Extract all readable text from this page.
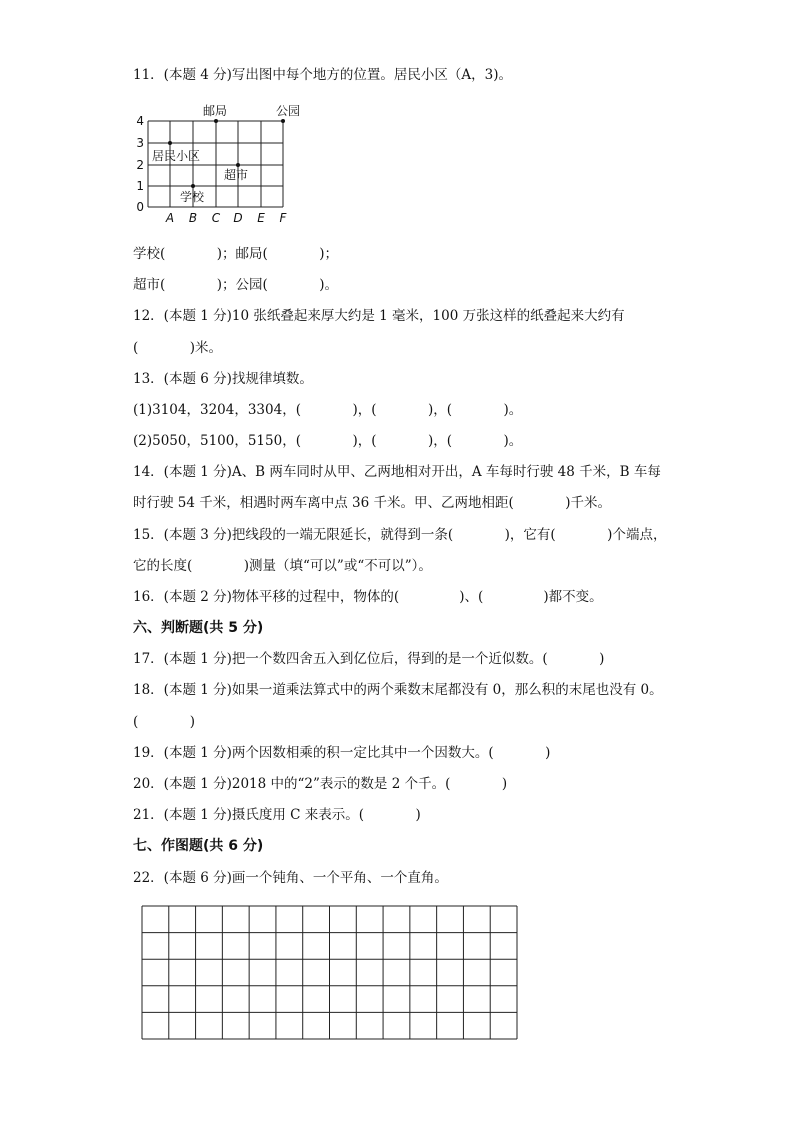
11．(本题 4 分)写出图中每个地方的位置。居民小区（A，3)。
4
3
2
1
0
A B C D E F
邮局	公园
居民小区
超市
学校
学校(            )；邮局(            )；
超市(            )；公园(            )。
12．(本题 1 分)10 张纸叠起来厚大约是 1 毫米，100 万张这样的纸叠起来大约有
(            )米。
13．(本题 6 分)找规律填数。
(1)3104，3204，3304，(            )，(            )，(            )。
(2)5050，5100，5150，(            )，(            )，(            )。
14．(本题 1 分)A、B 两车同时从甲、乙两地相对开出，A 车每时行驶 48 千米，B 车每
时行驶 54 千米，相遇时两车离中点 36 千米。甲、乙两地相距(            )千米。
15．(本题 3 分)把线段的一端无限延长，就得到一条(            )，它有(            )个端点，
它的长度(            )测量（填“可以”或“不可以”）。
16．(本题 2 分)物体平移的过程中，物体的(              )、(              )都不变。
六、判断题(共 5 分)
17．(本题 1 分)把一个数四舍五入到亿位后，得到的是一个近似数。(            )
18．(本题 1 分)如果一道乘法算式中的两个乘数末尾都没有 0，那么积的末尾也没有 0。
(            )
19．(本题 1 分)两个因数相乘的积一定比其中一个因数大。(            )
20．(本题 1 分)2018 中的“2”表示的数是 2 个千。(            )
21．(本题 1 分)摄氏度用 C 来表示。(            )
七、作图题(共 6 分)
22．(本题 6 分)画一个钝角、一个平角、一个直角。
